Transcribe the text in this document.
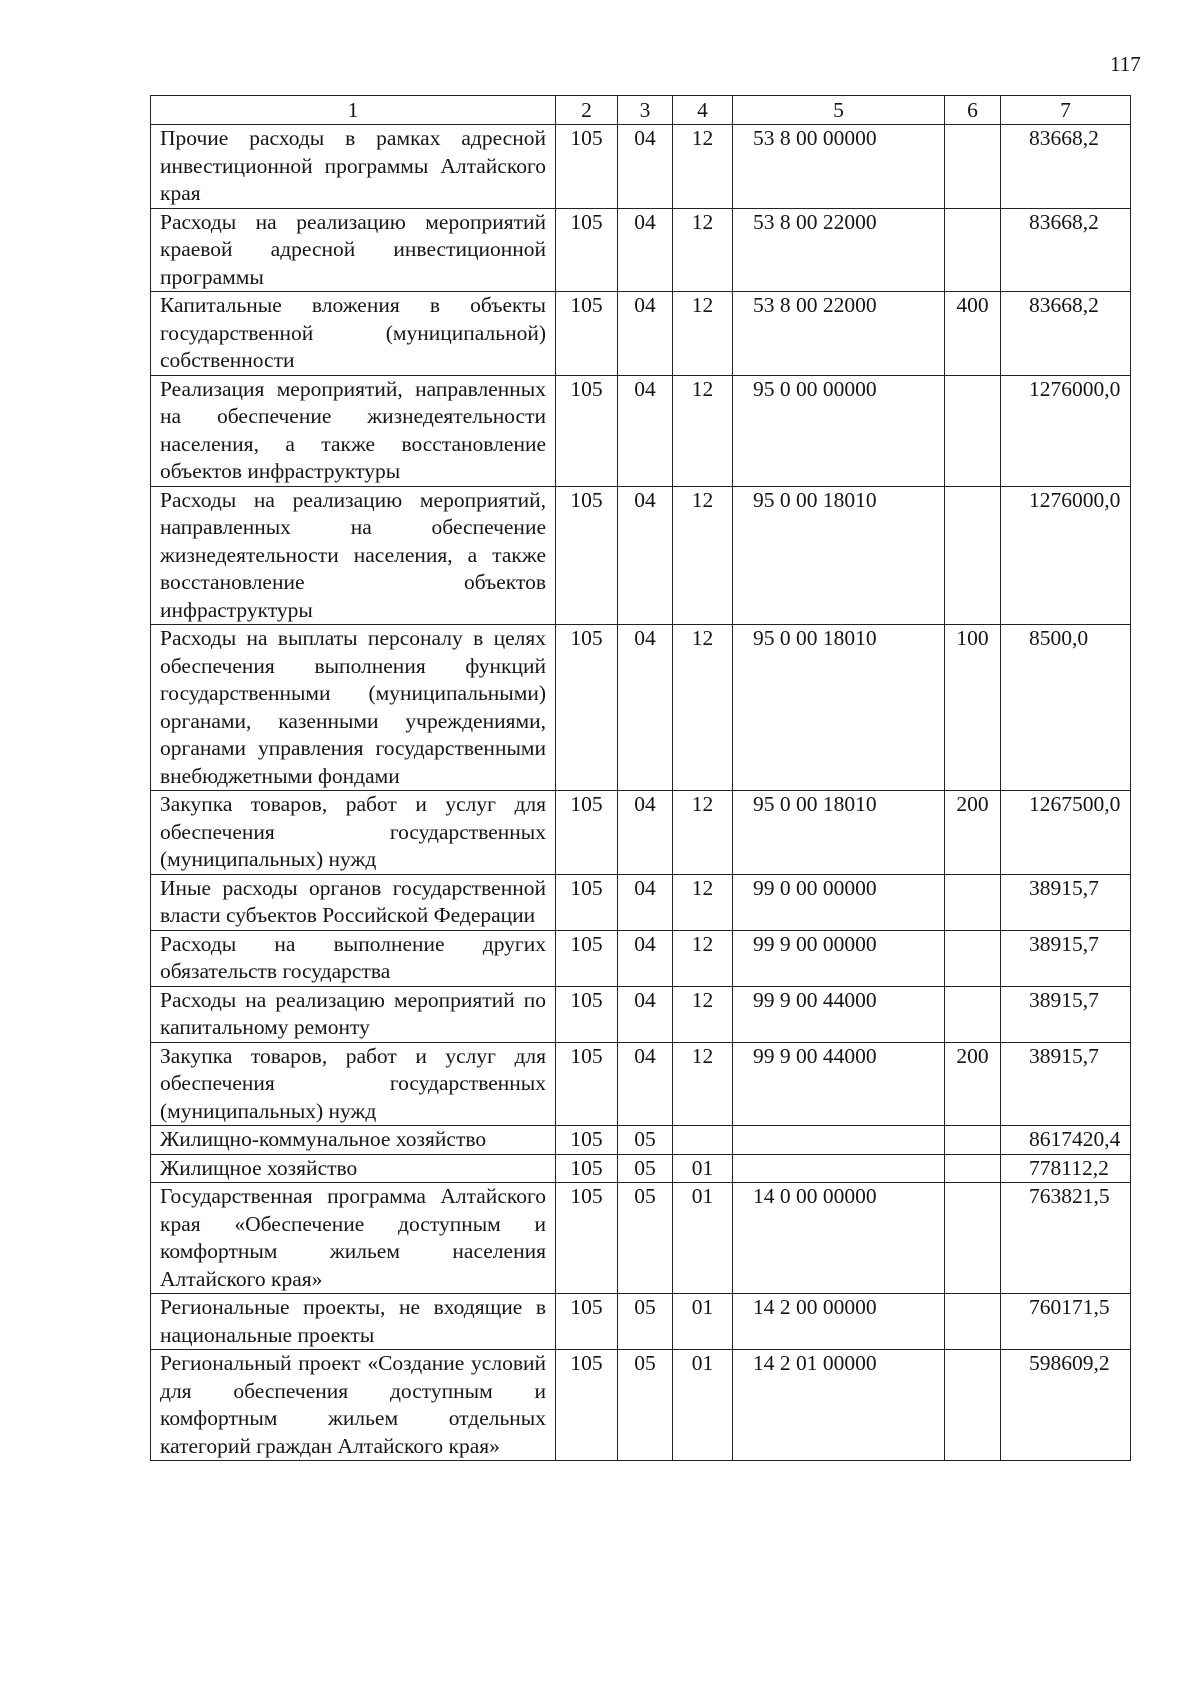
117
1	2	3	4	5	6	7
Прочие расходы в рамках адресной инвестиционной программы Алтайского края	105	04	12	53 8 00 00000		83668,2
Расходы на реализацию мероприятий краевой адресной инвестиционной программы	105	04	12	53 8 00 22000		83668,2
Капитальные вложения в объекты государственной (муниципальной) собственности	105	04	12	53 8 00 22000	400	83668,2
Реализация мероприятий, направленных на обеспечение жизнедеятельности населения, а также восстановление объектов инфраструктуры	105	04	12	95 0 00 00000		1276000,0
Расходы на реализацию мероприятий, направленных на обеспечение жизнедеятельности населения, а также восстановление объектов инфраструктуры	105	04	12	95 0 00 18010		1276000,0
Расходы на выплаты персоналу в целях обеспечения выполнения функций государственными (муниципальными) органами, казенными учреждениями, органами управления государственными внебюджетными фондами	105	04	12	95 0 00 18010	100	8500,0
Закупка товаров, работ и услуг для обеспечения государственных (муниципальных) нужд	105	04	12	95 0 00 18010	200	1267500,0
Иные расходы органов государственной власти субъектов Российской Федерации	105	04	12	99 0 00 00000		38915,7
Расходы на выполнение других обязательств государства	105	04	12	99 9 00 00000		38915,7
Расходы на реализацию мероприятий по капитальному ремонту	105	04	12	99 9 00 44000		38915,7
Закупка товаров, работ и услуг для обеспечения государственных (муниципальных) нужд	105	04	12	99 9 00 44000	200	38915,7
Жилищно-коммунальное хозяйство	105	05				8617420,4
Жилищное хозяйство	105	05	01			778112,2
Государственная программа Алтайского края «Обеспечение доступным и комфортным жильем населения Алтайского края»	105	05	01	14 0 00 00000		763821,5
Региональные проекты, не входящие в национальные проекты	105	05	01	14 2 00 00000		760171,5
Региональный проект «Создание условий для обеспечения доступным и комфортным жильем отдельных категорий граждан Алтайского края»	105	05	01	14 2 01 00000		598609,2
